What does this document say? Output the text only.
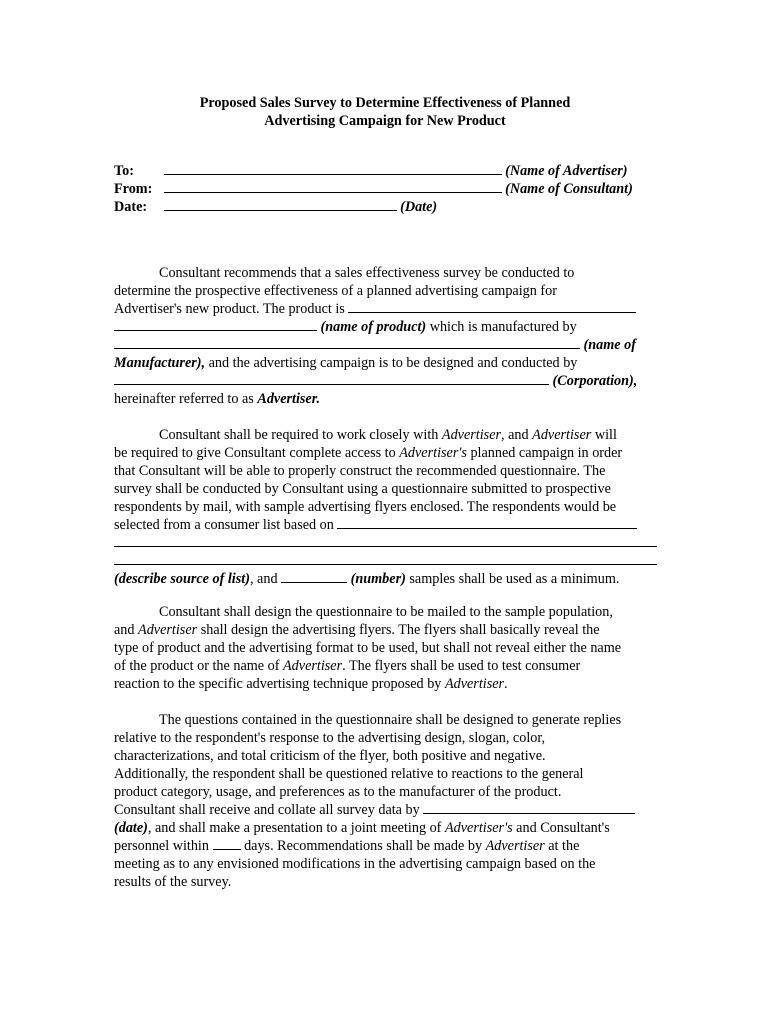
Proposed Sales Survey to Determine Effectiveness of Planned
Advertising Campaign for New Product
To:	(Name of Advertiser)
From:	(Name of Consultant)
Date:	(Date)
Consultant recommends that a sales effectiveness survey be conducted to
determine the prospective effectiveness of a planned advertising campaign for
Advertiser's new product. The product is
(name of product) which is manufactured by
(name of
Manufacturer), and the advertising campaign is to be designed and conducted by
(Corporation),
hereinafter referred to as Advertiser.
Consultant shall be required to work closely with Advertiser, and Advertiser will
be required to give Consultant complete access to Advertiser's planned campaign in order
that Consultant will be able to properly construct the recommended questionnaire. The
survey shall be conducted by Consultant using a questionnaire submitted to prospective
respondents by mail, with sample advertising flyers enclosed. The respondents would be
selected from a consumer list based on
(describe source of list), and	(number) samples shall be used as a minimum.
Consultant shall design the questionnaire to be mailed to the sample population,
and Advertiser shall design the advertising flyers. The flyers shall basically reveal the
type of product and the advertising format to be used, but shall not reveal either the name
of the product or the name of Advertiser. The flyers shall be used to test consumer
reaction to the specific advertising technique proposed by Advertiser.
The questions contained in the questionnaire shall be designed to generate replies
relative to the respondent's response to the advertising design, slogan, color,
characterizations, and total criticism of the flyer, both positive and negative.
Additionally, the respondent shall be questioned relative to reactions to the general
product category, usage, and preferences as to the manufacturer of the product.
Consultant shall receive and collate all survey data by
(date), and shall make a presentation to a joint meeting of Advertiser's and Consultant's
personnel within days. Recommendations shall be made by Advertiser at the
meeting as to any envisioned modifications in the advertising campaign based on the
results of the survey.
